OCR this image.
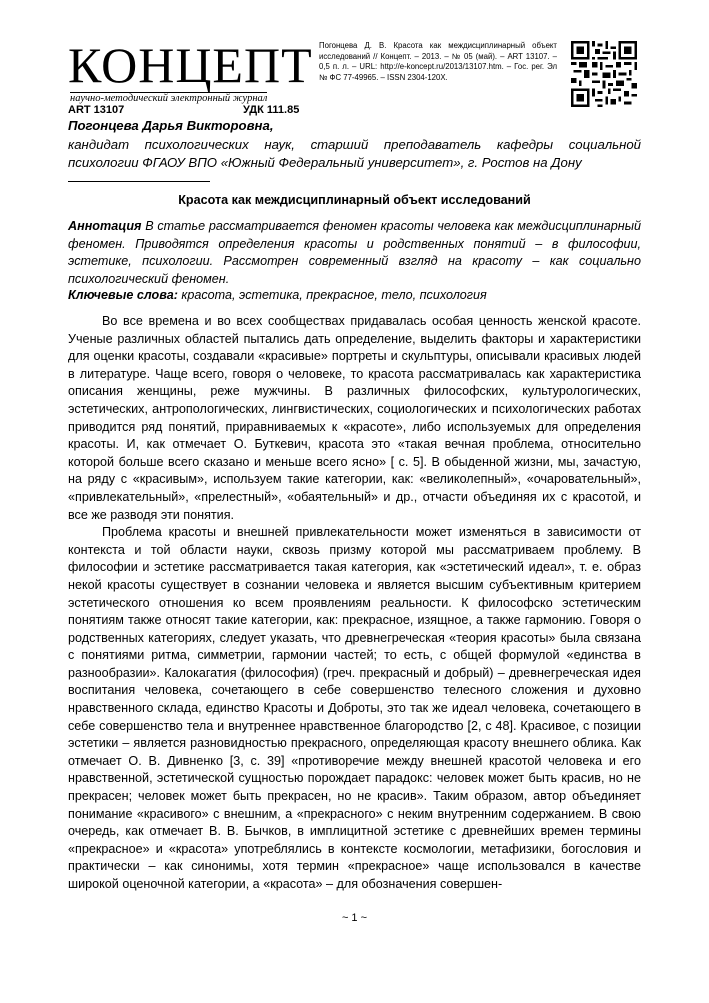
КОНЦЕПТ
научно-методический электронный журнал
Погонцева Д. В. Красота как междисциплинарный объект исследований // Концепт. – 2013. – № 05 (май). – ART 13107. – 0,5 п. л. – URL: http://e-koncept.ru/2013/13107.htm. – Гос. рег. Эл № ФС 77-49965. – ISSN 2304-120X.
ART 13107	УДК 111.85
Погонцева Дарья Викторовна,
кандидат психологических наук, старший преподаватель кафедры социальной
психологии ФГАОУ ВПО «Южный Федеральный университет», г. Ростов на Дону
Красота как междисциплинарный объект исследований
Аннотация В статье рассматривается феномен красоты человека как междисциплинарный феномен. Приводятся определения красоты и родственных понятий – в философии, эстетике, психологии. Рассмотрен современный взгляд на красоту – как социально психологический феномен.
Ключевые слова: красота, эстетика, прекрасное, тело, психология

Во все времена и во всех сообществах придавалась особая ценность женской красоте. Ученые различных областей пытались дать определение, выделить факторы и характеристики для оценки красоты, создавали «красивые» портреты и скульптуры, описывали красивых людей в литературе. Чаще всего, говоря о человеке, то красота рассматривалась как характеристика описания женщины, реже мужчины. В различных философских, культурологических, эстетических, антропологических, лингвистических, социологических и психологических работах приводится ряд понятий, приравниваемых к «красоте», либо используемых для определения красоты. И, как отмечает О. Буткевич, красота это «такая вечная проблема, относительно которой больше всего сказано и меньше всего ясно» [ с. 5]. В обыденной жизни, мы, зачастую, на ряду с «красивым», используем такие категории, как: «великолепный», «очаровательный», «привлекательный», «прелестный», «обаятельный» и др., отчасти объединяя их с красотой, и все же разводя эти понятия.

Проблема красоты и внешней привлекательности может изменяться в зависимости от контекста и той области науки, сквозь призму которой мы рассматриваем проблему. В философии и эстетике рассматривается такая категория, как «эстетический идеал», т. е. образ некой красоты существует в сознании человека и является высшим субъективным критерием эстетического отношения ко всем проявлениям реальности. К философско эстетическим понятиям также относят такие категории, как: прекрасное, изящное, а также гармонию. Говоря о родственных категориях, следует указать, что древнегреческая «теория красоты» была связана с понятиями ритма, симметрии, гармонии частей; то есть, с общей формулой «единства в разнообразии». Калокагатия (философия) (греч. прекрасный и добрый) – древнегреческая идея воспитания человека, сочетающего в себе совершенство телесного сложения и духовно нравственного склада, единство Красоты и Доброты, это так же идеал человека, сочетающего в себе совершенство тела и внутреннее нравственное благородство [2, с 48]. Красивое, с позиции эстетики – является разновидностью прекрасного, определяющая красоту внешнего облика. Как отмечает О. В. Дивненко [3, с. 39] «противоречие между внешней красотой человека и его нравственной, эстетической сущностью порождает парадокс: человек может быть красив, но не прекрасен; человек может быть прекрасен, но не красив». Таким образом, автор объединяет понимание «красивого» с внешним, а «прекрасного» с неким внутренним содержанием. В свою очередь, как отмечает В. В. Бычков, в имплицитной эстетике с древнейших времен термины «прекрасное» и «красота» употреблялись в контексте космологии, метафизики, богословия и практически – как синонимы, хотя термин «прекрасное» чаще использовался в качестве широкой оценочной категории, а «красота» – для обозначения совершен-

~ 1 ~
